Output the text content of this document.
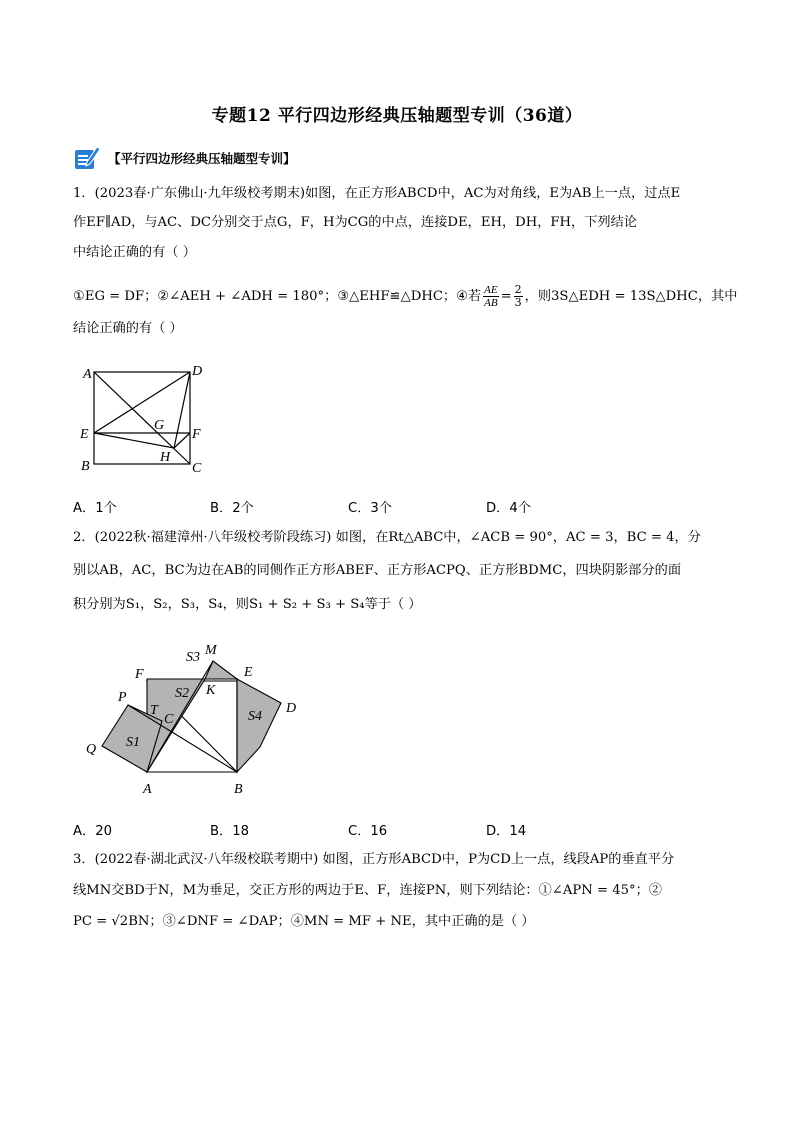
专题12 平行四边形经典压轴题型专训（36道）
【平行四边形经典压轴题型专训】
1．(2023春·广东佛山·九年级校考期末)如图，在正方形ABCD中，AC为对角线，E为AB上一点，过点E
作EF∥AD，与AC、DC分别交于点G，F，H为CG的中点，连接DE，EH，DH，FH，下列结论
中结论正确的有（ ）
①EG = DF；②∠AEH + ∠ADH = 180°；③△EHF≌△DHC；④若 $\frac{AE}{AB} = \frac{2}{3}$ ，则3S△EDH = 13S△DHC，其中
结论正确的有（ ）
A	D
G
E	F
H
B	C
A．1个	B．2个	C．3个	D．4个
2．(2022秋·福建漳州·八年级校考阶段练习) 如图，在Rt△ABC中，∠ACB = 90°，AC = 3，BC = 4，分
别以AB，AC，BC为边在AB的同侧作正方形ABEF、正方形ACPQ、正方形BDMC，四块阴影部分的面
积分别为S₁，S₂，S₃，S₄，则S₁ + S₂ + S₃ + S₄等于（ ）
M
S3
F	E
P	S2 K
T
C
D
S4
Q S1
A	B
A．20	B．18	C．16	D．14
3．(2022春·湖北武汉·八年级校联考期中) 如图，正方形ABCD中，P为CD上一点，线段AP的垂直平分
线MN交BD于N，M为垂足，交正方形的两边于E、F，连接PN，则下列结论：①∠APN = 45°；②
PC = √2BN；③∠DNF = ∠DAP；④MN = MF + NE，其中正确的是（ ）
